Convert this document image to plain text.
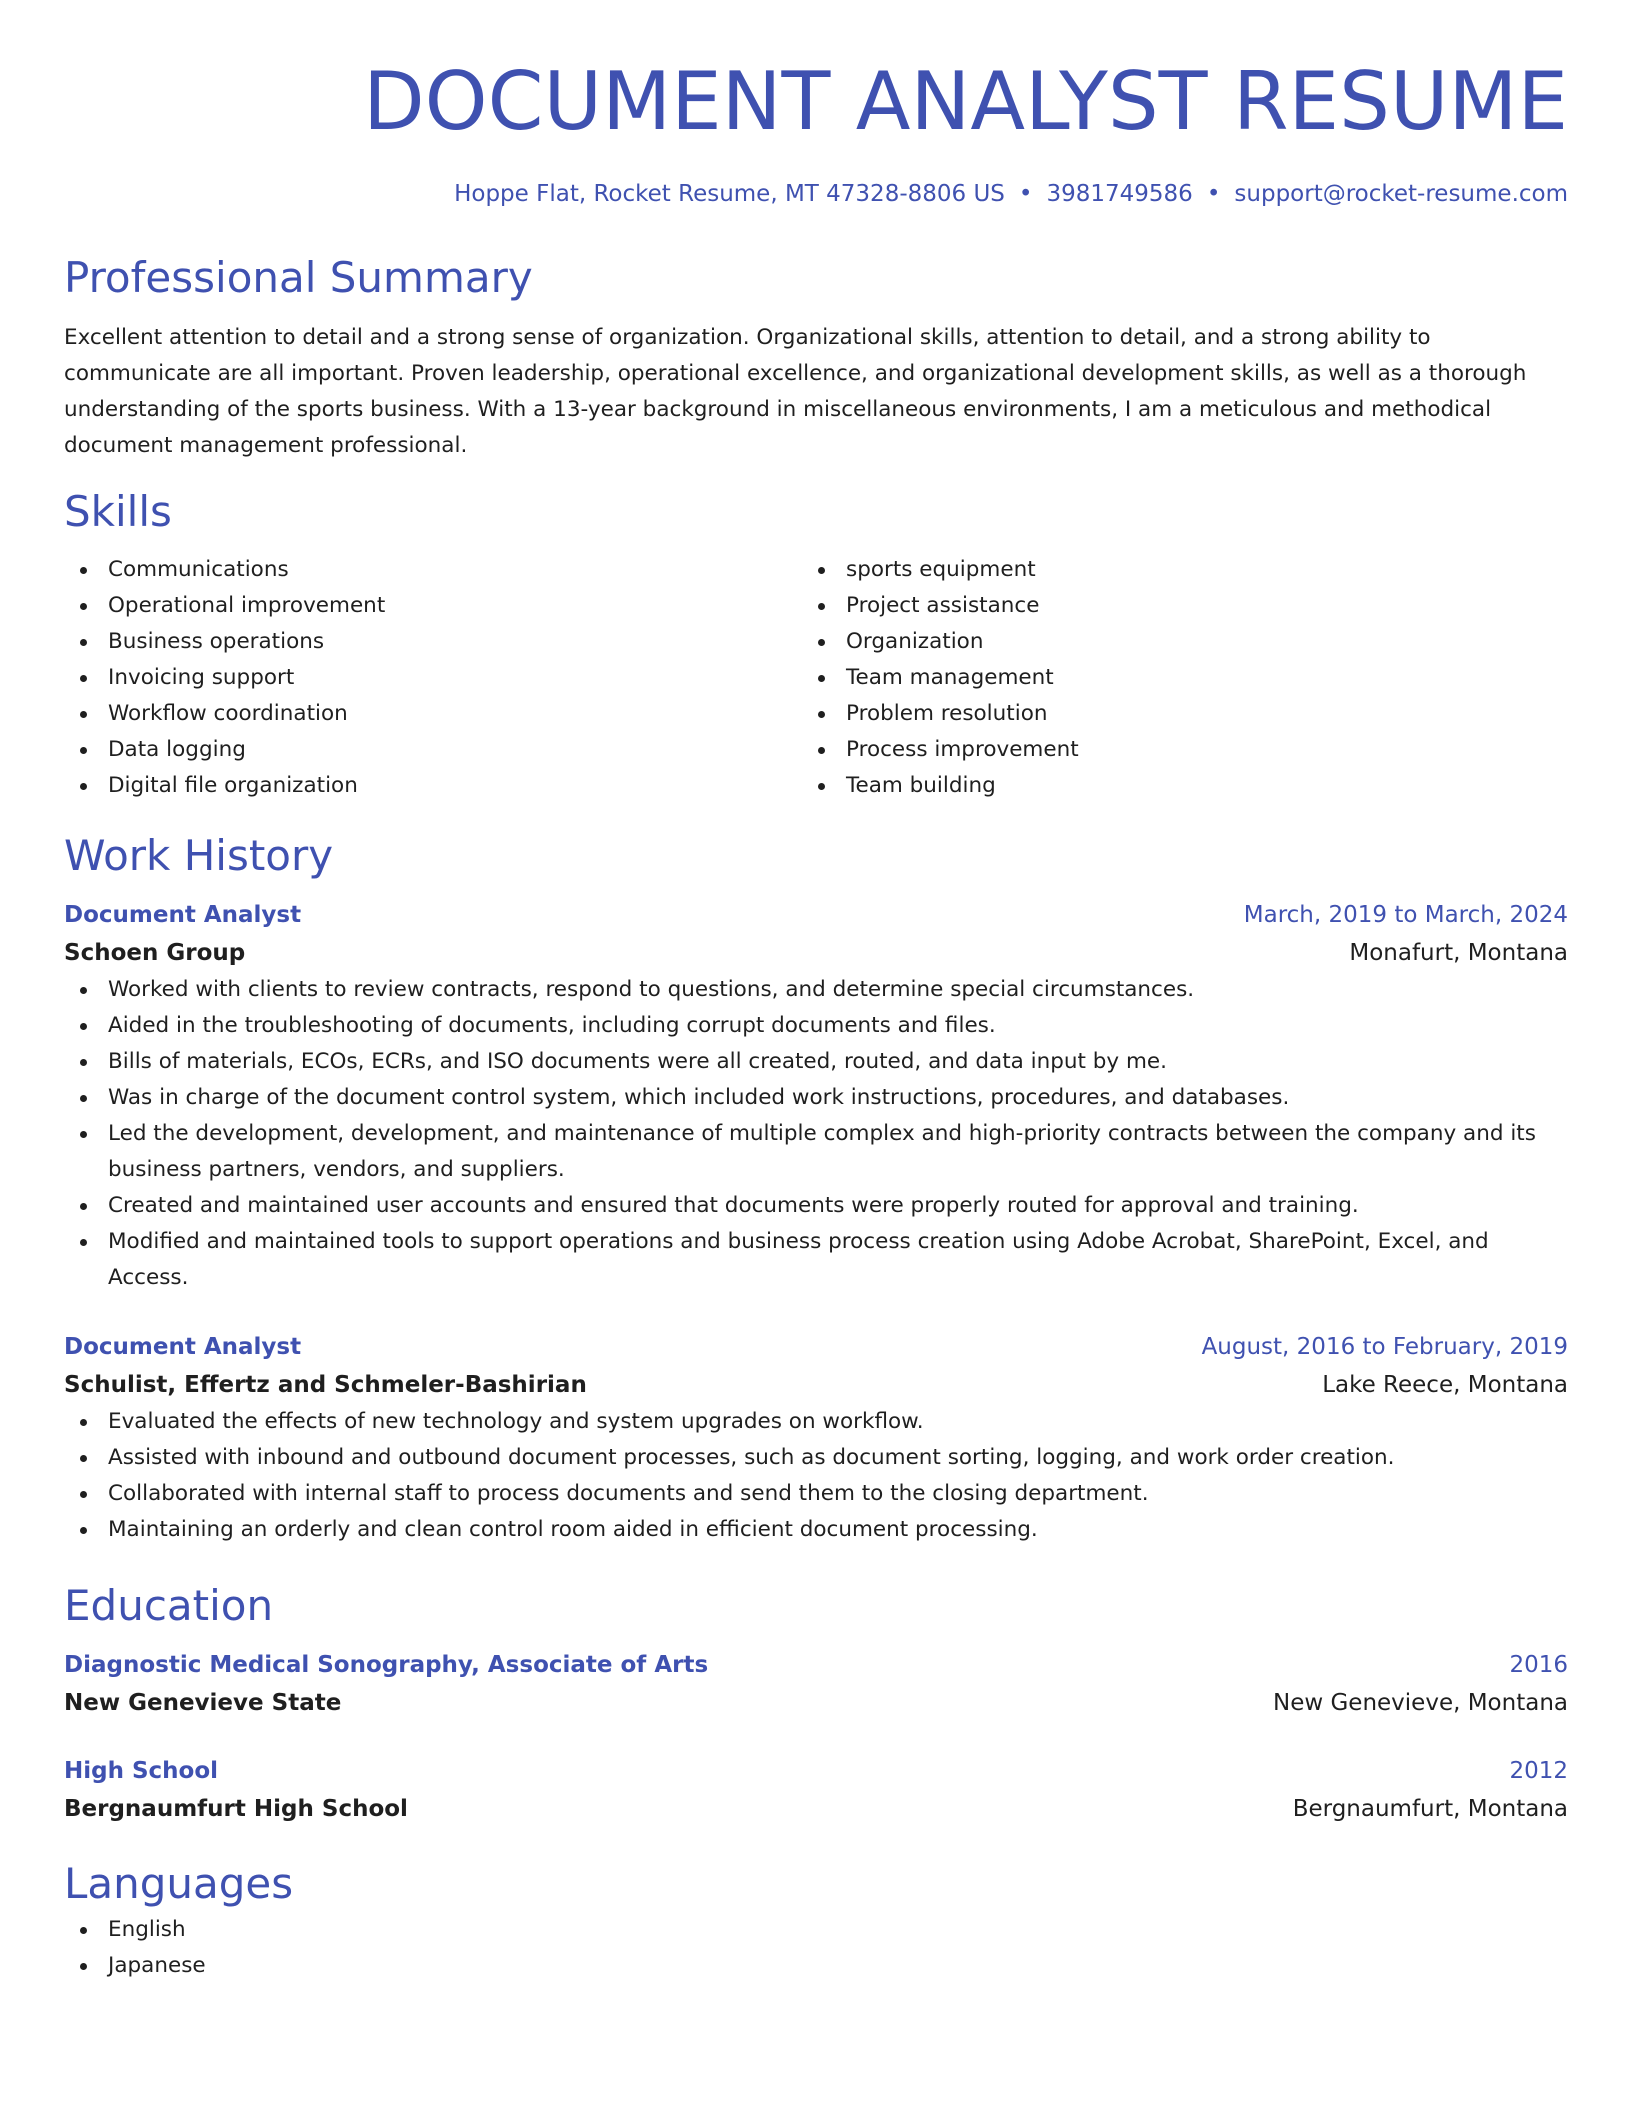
DOCUMENT ANALYST RESUME
Hoppe Flat, Rocket Resume, MT 47328-8806 US • 3981749586 • support@rocket-resume.com
Professional Summary
Excellent attention to detail and a strong sense of organization. Organizational skills, attention to detail, and a strong ability to communicate are all important. Proven leadership, operational excellence, and organizational development skills, as well as a thorough understanding of the sports business. With a 13-year background in miscellaneous environments, I am a meticulous and methodical document management professional.
Skills
Communications
Operational improvement
Business operations
Invoicing support
Workflow coordination
Data logging
Digital file organization
sports equipment
Project assistance
Organization
Team management
Problem resolution
Process improvement
Team building
Work History
Document Analyst	March, 2019 to March, 2024
Schoen Group	Monafurt, Montana
Worked with clients to review contracts, respond to questions, and determine special circumstances.
Aided in the troubleshooting of documents, including corrupt documents and files.
Bills of materials, ECOs, ECRs, and ISO documents were all created, routed, and data input by me.
Was in charge of the document control system, which included work instructions, procedures, and databases.
Led the development, development, and maintenance of multiple complex and high-priority contracts between the company and its business partners, vendors, and suppliers.
Created and maintained user accounts and ensured that documents were properly routed for approval and training.
Modified and maintained tools to support operations and business process creation using Adobe Acrobat, SharePoint, Excel, and Access.
Document Analyst	August, 2016 to February, 2019
Schulist, Effertz and Schmeler-Bashirian	Lake Reece, Montana
Evaluated the effects of new technology and system upgrades on workflow.
Assisted with inbound and outbound document processes, such as document sorting, logging, and work order creation.
Collaborated with internal staff to process documents and send them to the closing department.
Maintaining an orderly and clean control room aided in efficient document processing.
Education
Diagnostic Medical Sonography, Associate of Arts	2016
New Genevieve State	New Genevieve, Montana
High School	2012
Bergnaumfurt High School	Bergnaumfurt, Montana
Languages
English
Japanese
